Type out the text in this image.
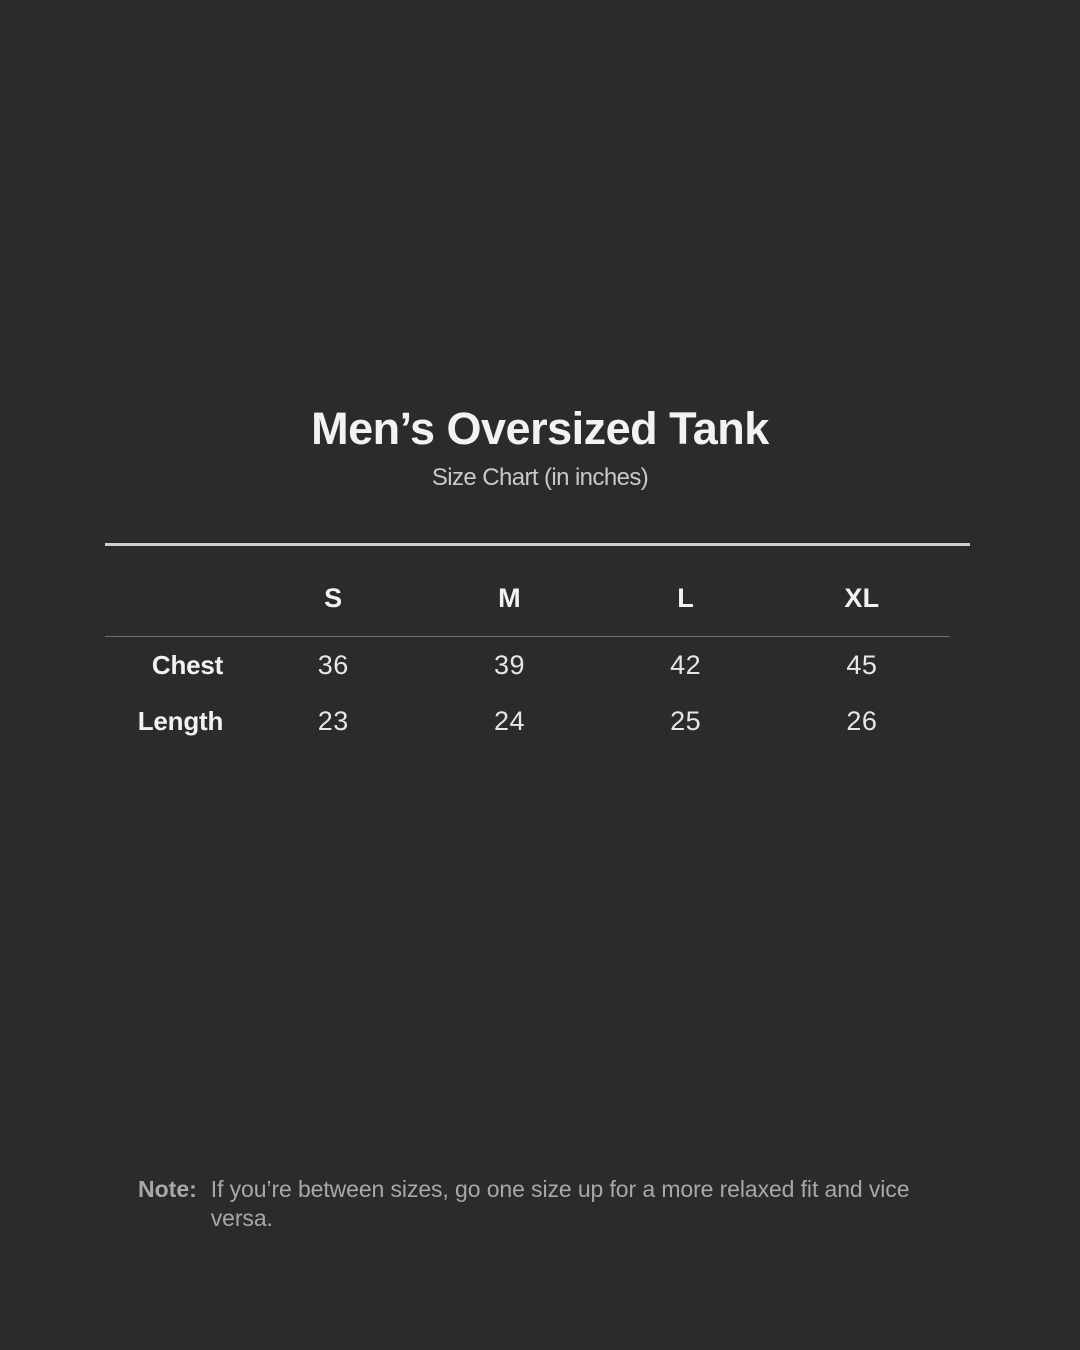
Men’s Oversized Tank
Size Chart (in inches)
	S	M	L	XL
Chest	36	39	42	45
Length	23	24	25	26
Note: If you’re between sizes, go one size up for a more relaxed fit and vice versa.
